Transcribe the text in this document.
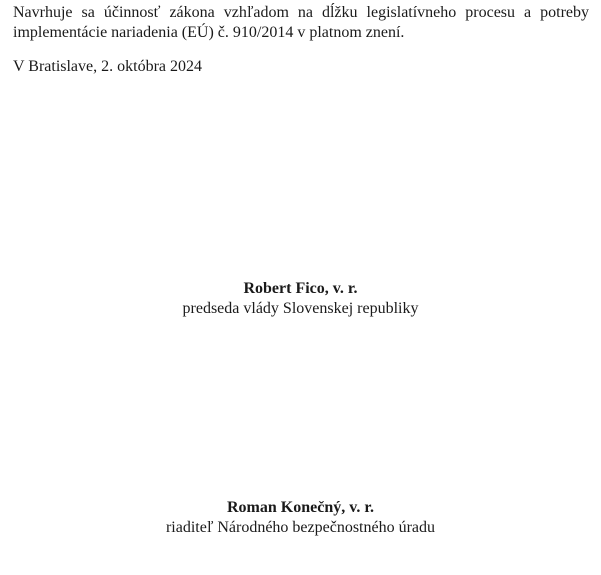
Navrhuje sa účinnosť zákona vzhľadom na dĺžku legislatívneho procesu a potreby implementácie nariadenia (EÚ) č. 910/2014 v platnom znení.

V Bratislave, 2. októbra 2024

Robert Fico, v. r.
predseda vlády Slovenskej republiky
Roman Konečný, v. r.
riaditeľ Národného bezpečnostného úradu
